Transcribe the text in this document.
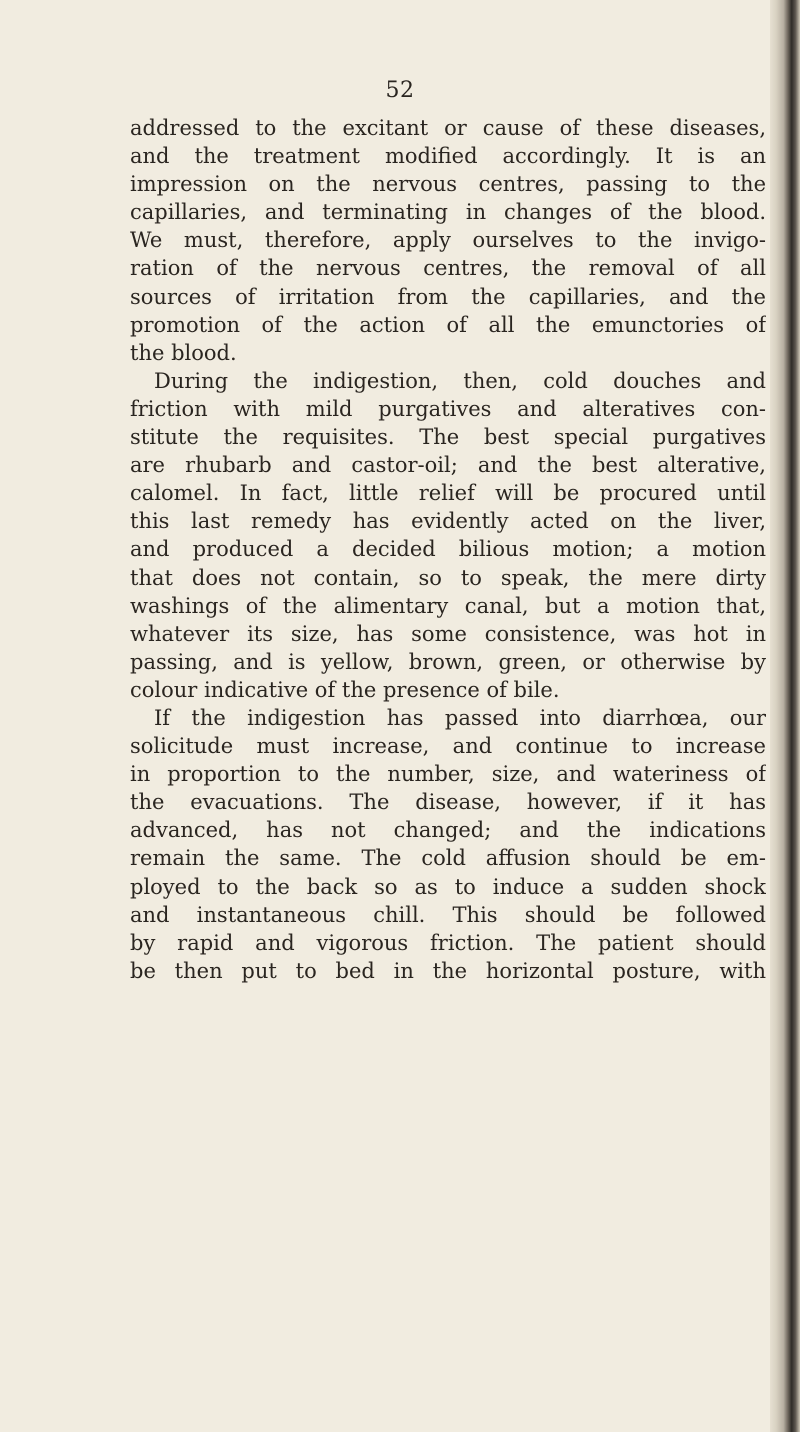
52
addressed to the excitant or cause of these diseases,
and the treatment modified accordingly. It is an
impression on the nervous centres, passing to the
capillaries, and terminating in changes of the blood.
We must, therefore, apply ourselves to the invigo-
ration of the nervous centres, the removal of all
sources of irritation from the capillaries, and the
promotion of the action of all the emunctories of
the blood.
During the indigestion, then, cold douches and
friction with mild purgatives and alteratives con-
stitute the requisites. The best special purgatives
are rhubarb and castor-oil; and the best alterative,
calomel. In fact, little relief will be procured until
this last remedy has evidently acted on the liver,
and produced a decided bilious motion; a motion
that does not contain, so to speak, the mere dirty
washings of the alimentary canal, but a motion that,
whatever its size, has some consistence, was hot in
passing, and is yellow, brown, green, or otherwise by
colour indicative of the presence of bile.
If the indigestion has passed into diarrhœa, our
solicitude must increase, and continue to increase
in proportion to the number, size, and wateriness of
the evacuations. The disease, however, if it has
advanced, has not changed; and the indications
remain the same. The cold affusion should be em-
ployed to the back so as to induce a sudden shock
and instantaneous chill. This should be followed
by rapid and vigorous friction. The patient should
be then put to bed in the horizontal posture, with
